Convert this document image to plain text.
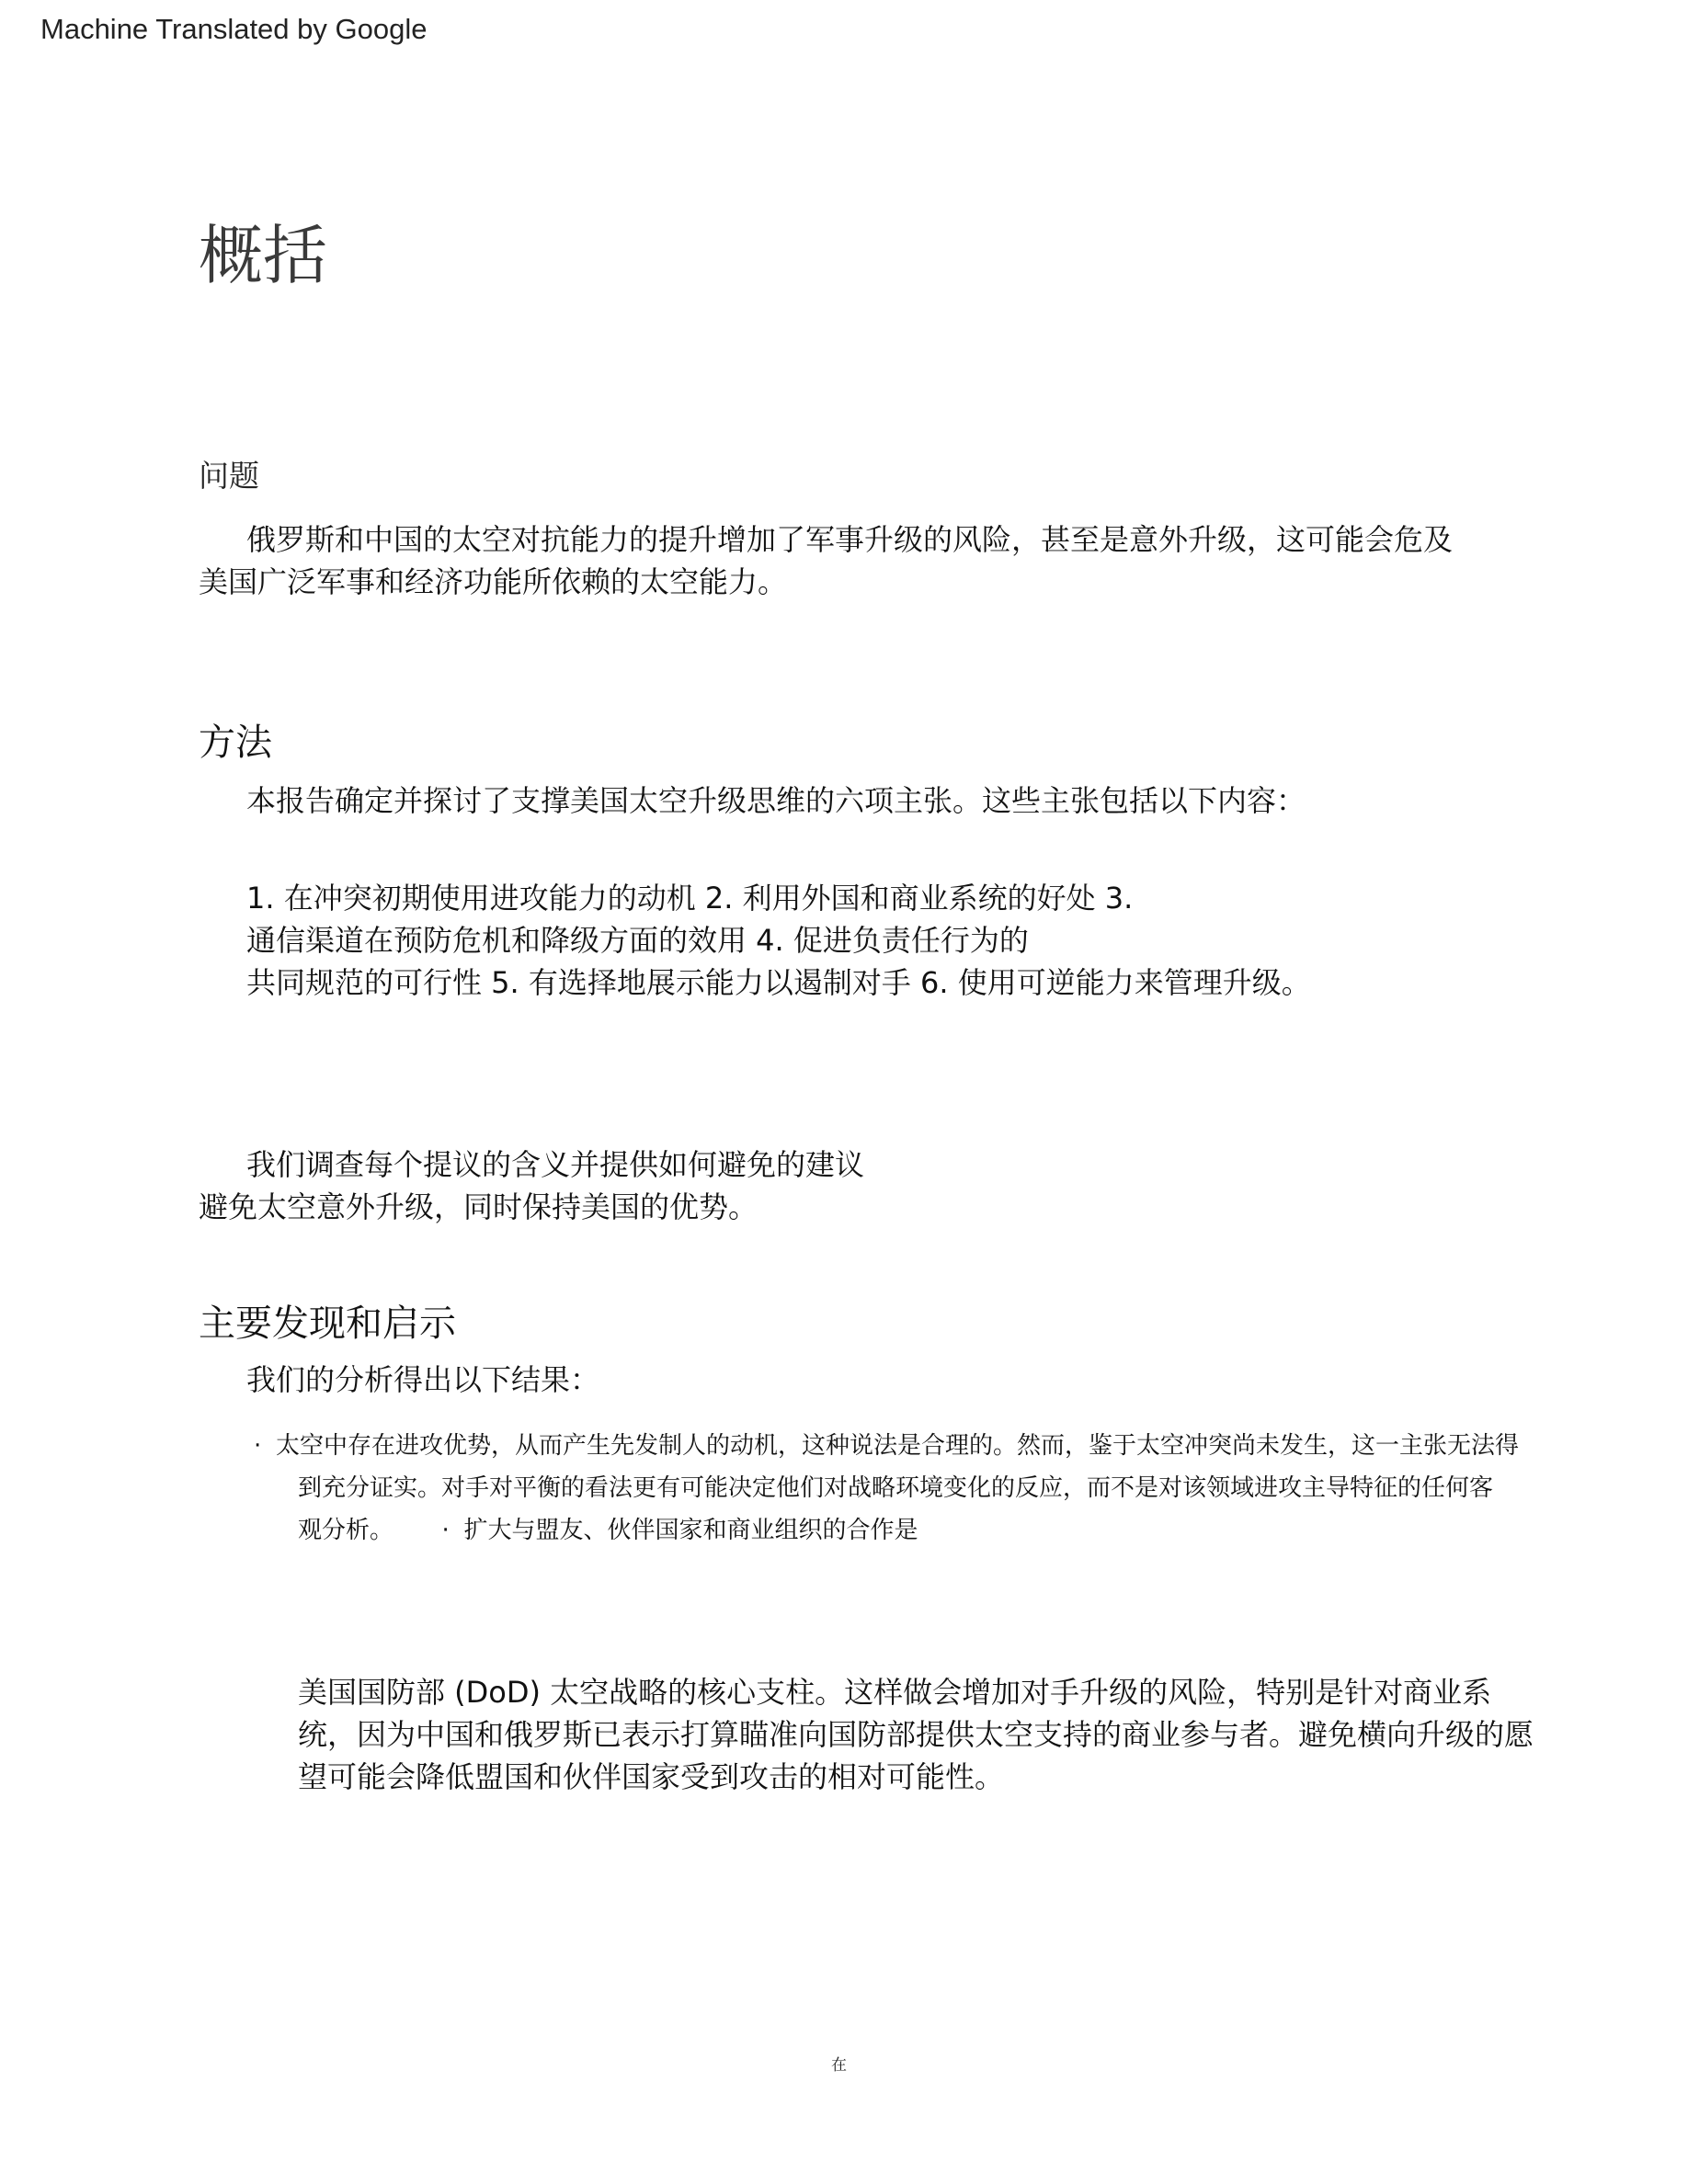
Machine Translated by Google
概括
问题
俄罗斯和中国的太空对抗能力的提升增加了军事升级的风险，甚至是意外升级，这可能会危及
美国广泛军事和经济功能所依赖的太空能力。
方法
本报告确定并探讨了支撑美国太空升级思维的六项主张。这些主张包括以下内容：
1. 在冲突初期使用进攻能力的动机 2. 利用外国和商业系统的好处 3.
通信渠道在预防危机和降级方面的效用 4. 促进负责任行为的
共同规范的可行性 5. 有选择地展示能力以遏制对手 6. 使用可逆能力来管理升级。
我们调查每个提议的含义并提供如何避免的建议
避免太空意外升级，同时保持美国的优势。
主要发现和启示
我们的分析得出以下结果：
· 太空中存在进攻优势，从而产生先发制人的动机，这种说法是合理的。然而，鉴于太空冲突尚未发生，这一主张无法得
到充分证实。对手对平衡的看法更有可能决定他们对战略环境变化的反应，而不是对该领域进攻主导特征的任何客
观分析。 · 扩大与盟友、伙伴国家和商业组织的合作是
美国国防部 (DoD) 太空战略的核心支柱。这样做会增加对手升级的风险，特别是针对商业系
统，因为中国和俄罗斯已表示打算瞄准向国防部提供太空支持的商业参与者。避免横向升级的愿
望可能会降低盟国和伙伴国家受到攻击的相对可能性。
在
